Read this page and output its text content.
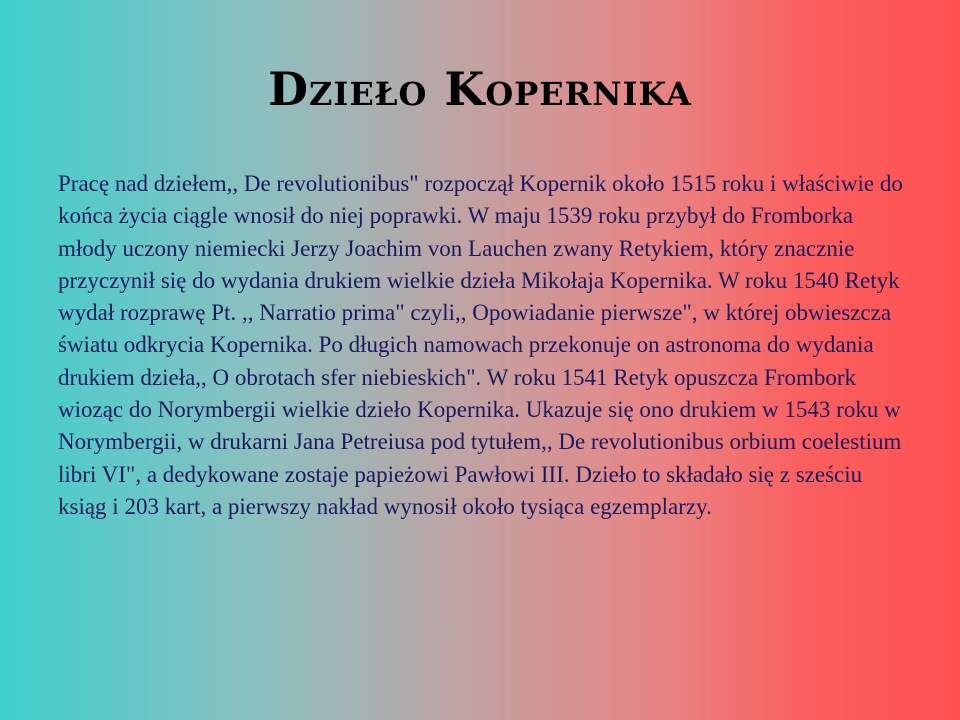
Dzieło Kopernika

Pracę nad dziełem,, De revolutionibus" rozpoczął Kopernik około 1515 roku i właściwie do końca życia ciągle wnosił do niej poprawki. W maju 1539 roku przybył do Fromborka młody uczony niemiecki Jerzy Joachim von Lauchen zwany Retykiem, który znacznie przyczynił się do wydania drukiem wielkie dzieła Mikołaja Kopernika. W roku 1540 Retyk wydał rozprawę Pt. ,, Narratio prima" czyli,, Opowiadanie pierwsze", w której obwieszcza światu odkrycia Kopernika. Po długich namowach przekonuje on astronoma do wydania drukiem dzieła,, O obrotach sfer niebieskich". W roku 1541 Retyk opuszcza Frombork wioząc do Norymbergii wielkie dzieło Kopernika. Ukazuje się ono drukiem w 1543 roku w Norymbergii, w drukarni Jana Petreiusa pod tytułem,, De revolutionibus orbium coelestium libri VI", a dedykowane zostaje papieżowi Pawłowi III. Dzieło to składało się z sześciu ksiąg i 203 kart, a pierwszy nakład wynosił około tysiąca egzemplarzy.
